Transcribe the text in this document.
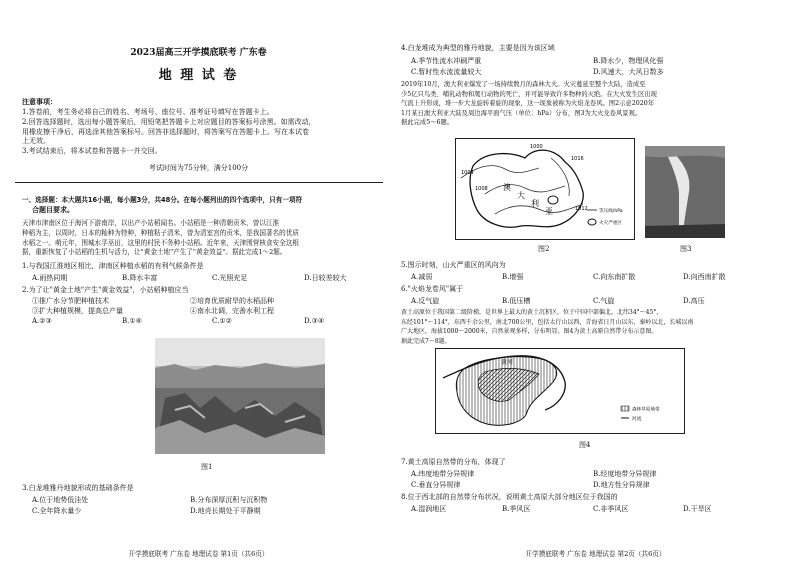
2023届高三开学摸底联考 广东卷
地 理 试 卷
注意事项：
1.答卷前，考生务必将自己的姓名、考场号、座位号、准考证号填写在答题卡上。
2.回答选择题时，选出每小题答案后，用铅笔把答题卡上对应题目的答案标号涂黑。如需改动，
用橡皮擦干净后，再选涂其他答案标号。回答非选择题时，将答案写在答题卡上。写在本试卷
上无效。
3.考试结束后，将本试卷和答题卡一并交回。
考试时间为75分钟，满分100分
一、选择题：本大题共16小题，每小题3分，共48分。在每小题列出的四个选项中，只有一项符
合题目要求。
天津市津南区位于海河下游南岸，以出产小站稻闻名。小站稻是一种清朝贡米，曾以江淮
种稻为主，以周时，日本的籼种为特种，种植粘子清米，曾为清室宫的贡米，是我国著名的优质
水稻之一。萌元年，围城水孚巫田，这里的村民不务种小站稻。近年来，天津围营核食安全这根
据，重新恢复了小站稻的生机与活力，让"黄金土地"产生了"黄金效益"。据此完成1～2题。
1.与我国江淮地区相比，津南区种植水稻的有利气候条件是
A.雨热同期	B.降水丰富	C.光照充足	D.日较差较大
2.为了让"黄金土地"产生"黄金效益"，小站稻种植应当
①推广水分节肥种植技术	②培育优质耐旱的水稻品种
③扩大种植规模，提高总产量	④南水北调，完善水利工程
A.②③	B.①④	C.①②	D.③④
图1
3.白龙堆雅丹地貌形成的基础条件是
A.位于地势低洼处	B.分布深厚沉积与沉积物
C.全年降水量少	D.地壳长期处于平静期
开学摸底联考 广东卷 地理试卷 第1页（共6页）
4.白龙堆成为典型的雅丹地貌，主要是因为该区域
A.季节性流水冲刷严重	B.降水少，物理风化强
C.暂时性水流流量较大	D.风速大，大风日数多
2019年10月，澳大利亚爆发了一场持续数月的森林大火。火灾蔓延至整个大陆，造成至
少5亿只鸟类、哺乳动物和爬行动物的死亡，并可能导致许多物种的灭绝。在大火发生区出现
气流上升形成，堆一步大龙旋转着旋的现象，这一现象被称为火焰龙卷风。图2示意2020年
1月某日澳大利亚大陆及周边海平面气压（单位：hPa）分布，图3为大火龙卷风景观。
据此完成5～6题。
1000
1004
1008
1012
1016
澳
大
利
亚	等压线/hPa
火灾严重区
图2	图3
5.图示时刻，山火严重区的风向为
A.减弱	B.增强	C.向东南扩散	D.向西南扩散
6."火焰龙卷风"属于
A.反气旋	B.低压槽	C.气旋	D.高压
黄土高原位于我国第二级阶梯，是世界上最大的黄土沉积区，位于中国中部偏北，北纬34°～45°，
东经101°～114°，东西千余公里，南北700公里，包括太行山以西，青海省日月山以东，秦岭以北，长城以南
广大地区，海拔1000～2000米，自然景观多样，分布明显。图4为黄土高原自然带分布示意图。
据此完成7～8题。
黄河
森林草原地带
河流
图4
7.黄土高原自然带的分布，体现了
A.纬度地带分异规律	B.经度地带分异规律
C.垂直分异规律	D.地方性分异规律
8.位于西北部的自然带分布状况，说明黄土高原大部分地区位于我国的
A.湿润地区	B.季风区	C.非季风区	D.干旱区
开学摸底联考 广东卷 地理试卷 第2页（共6页）
